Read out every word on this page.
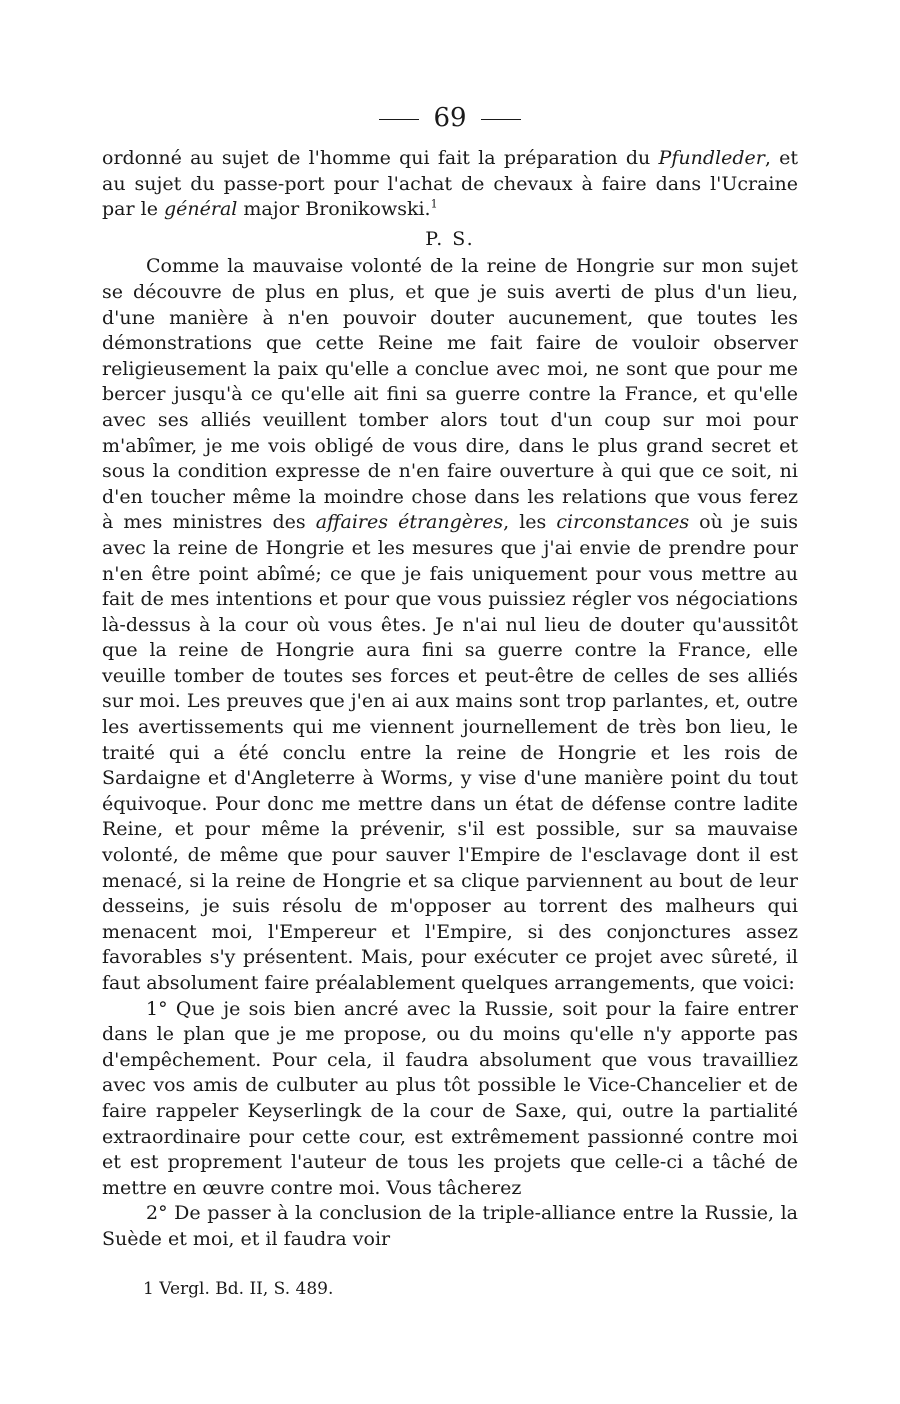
69

ordonné au sujet de l'homme qui fait la préparation du Pfundleder, et

au sujet du passe-port pour l'achat de chevaux à faire dans l'Ucraine

par le général major Bronikowski.$^1$

P. S.

Comme la mauvaise volonté de la reine de Hongrie sur mon sujet se découvre de plus en plus, et que je suis averti de plus d'un lieu, d'une manière à n'en pouvoir douter aucunement, que toutes les démonstrations que cette Reine me fait faire de vouloir observer religieusement la paix qu'elle a conclue avec moi, ne sont que pour me bercer jusqu'à ce qu'elle ait fini sa guerre contre la France, et qu'elle avec ses alliés veuillent tomber alors tout d'un coup sur moi pour m'abîmer, je me vois obligé de vous dire, dans le plus grand secret et sous la condition expresse de n'en faire ouverture à qui que ce soit, ni d'en toucher même la moindre chose dans les relations que vous ferez à mes ministres des affaires étrangères, les circonstances où je suis avec la reine de Hongrie et les mesures que j'ai envie de prendre pour n'en être point abîmé; ce que je fais uniquement pour vous mettre au fait de mes intentions et pour que vous puissiez régler vos négociations là-dessus à la cour où vous êtes. Je n'ai nul lieu de douter qu'aussitôt que la reine de Hongrie aura fini sa guerre contre la France, elle veuille tomber de toutes ses forces et peut-être de celles de ses alliés sur moi. Les preuves que j'en ai aux mains sont trop parlantes, et, outre les avertissements qui me viennent journellement de très bon lieu, le traité qui a été conclu entre la reine de Hongrie et les rois de Sardaigne et d'Angleterre à Worms, y vise d'une manière point du tout équivoque. Pour donc me mettre dans un état de défense contre ladite Reine, et pour même la prévenir, s'il est possible, sur sa mauvaise volonté, de même que pour sauver l'Empire de l'esclavage dont il est menacé, si la reine de Hongrie et sa clique parviennent au bout de leur desseins, je suis résolu de m'opposer au torrent des malheurs qui menacent moi, l'Empereur et l'Empire, si des conjonctures assez favorables s'y présentent. Mais, pour exécuter ce projet avec sûreté, il faut absolument faire préalablement quelques arrangements, que voici:

1° Que je sois bien ancré avec la Russie, soit pour la faire entrer dans le plan que je me propose, ou du moins qu'elle n'y apporte pas d'empêchement. Pour cela, il faudra absolument que vous travailliez avec vos amis de culbuter au plus tôt possible le Vice-Chancelier et de faire rappeler Keyserlingk de la cour de Saxe, qui, outre la partialité extraordinaire pour cette cour, est extrêmement passionné contre moi et est proprement l'auteur de tous les projets que celle-ci a tâché de mettre en œuvre contre moi. Vous tâcherez

2° De passer à la conclusion de la triple-alliance entre la Russie, la Suède et moi, et il faudra voir

1 Vergl. Bd. II, S. 489.
